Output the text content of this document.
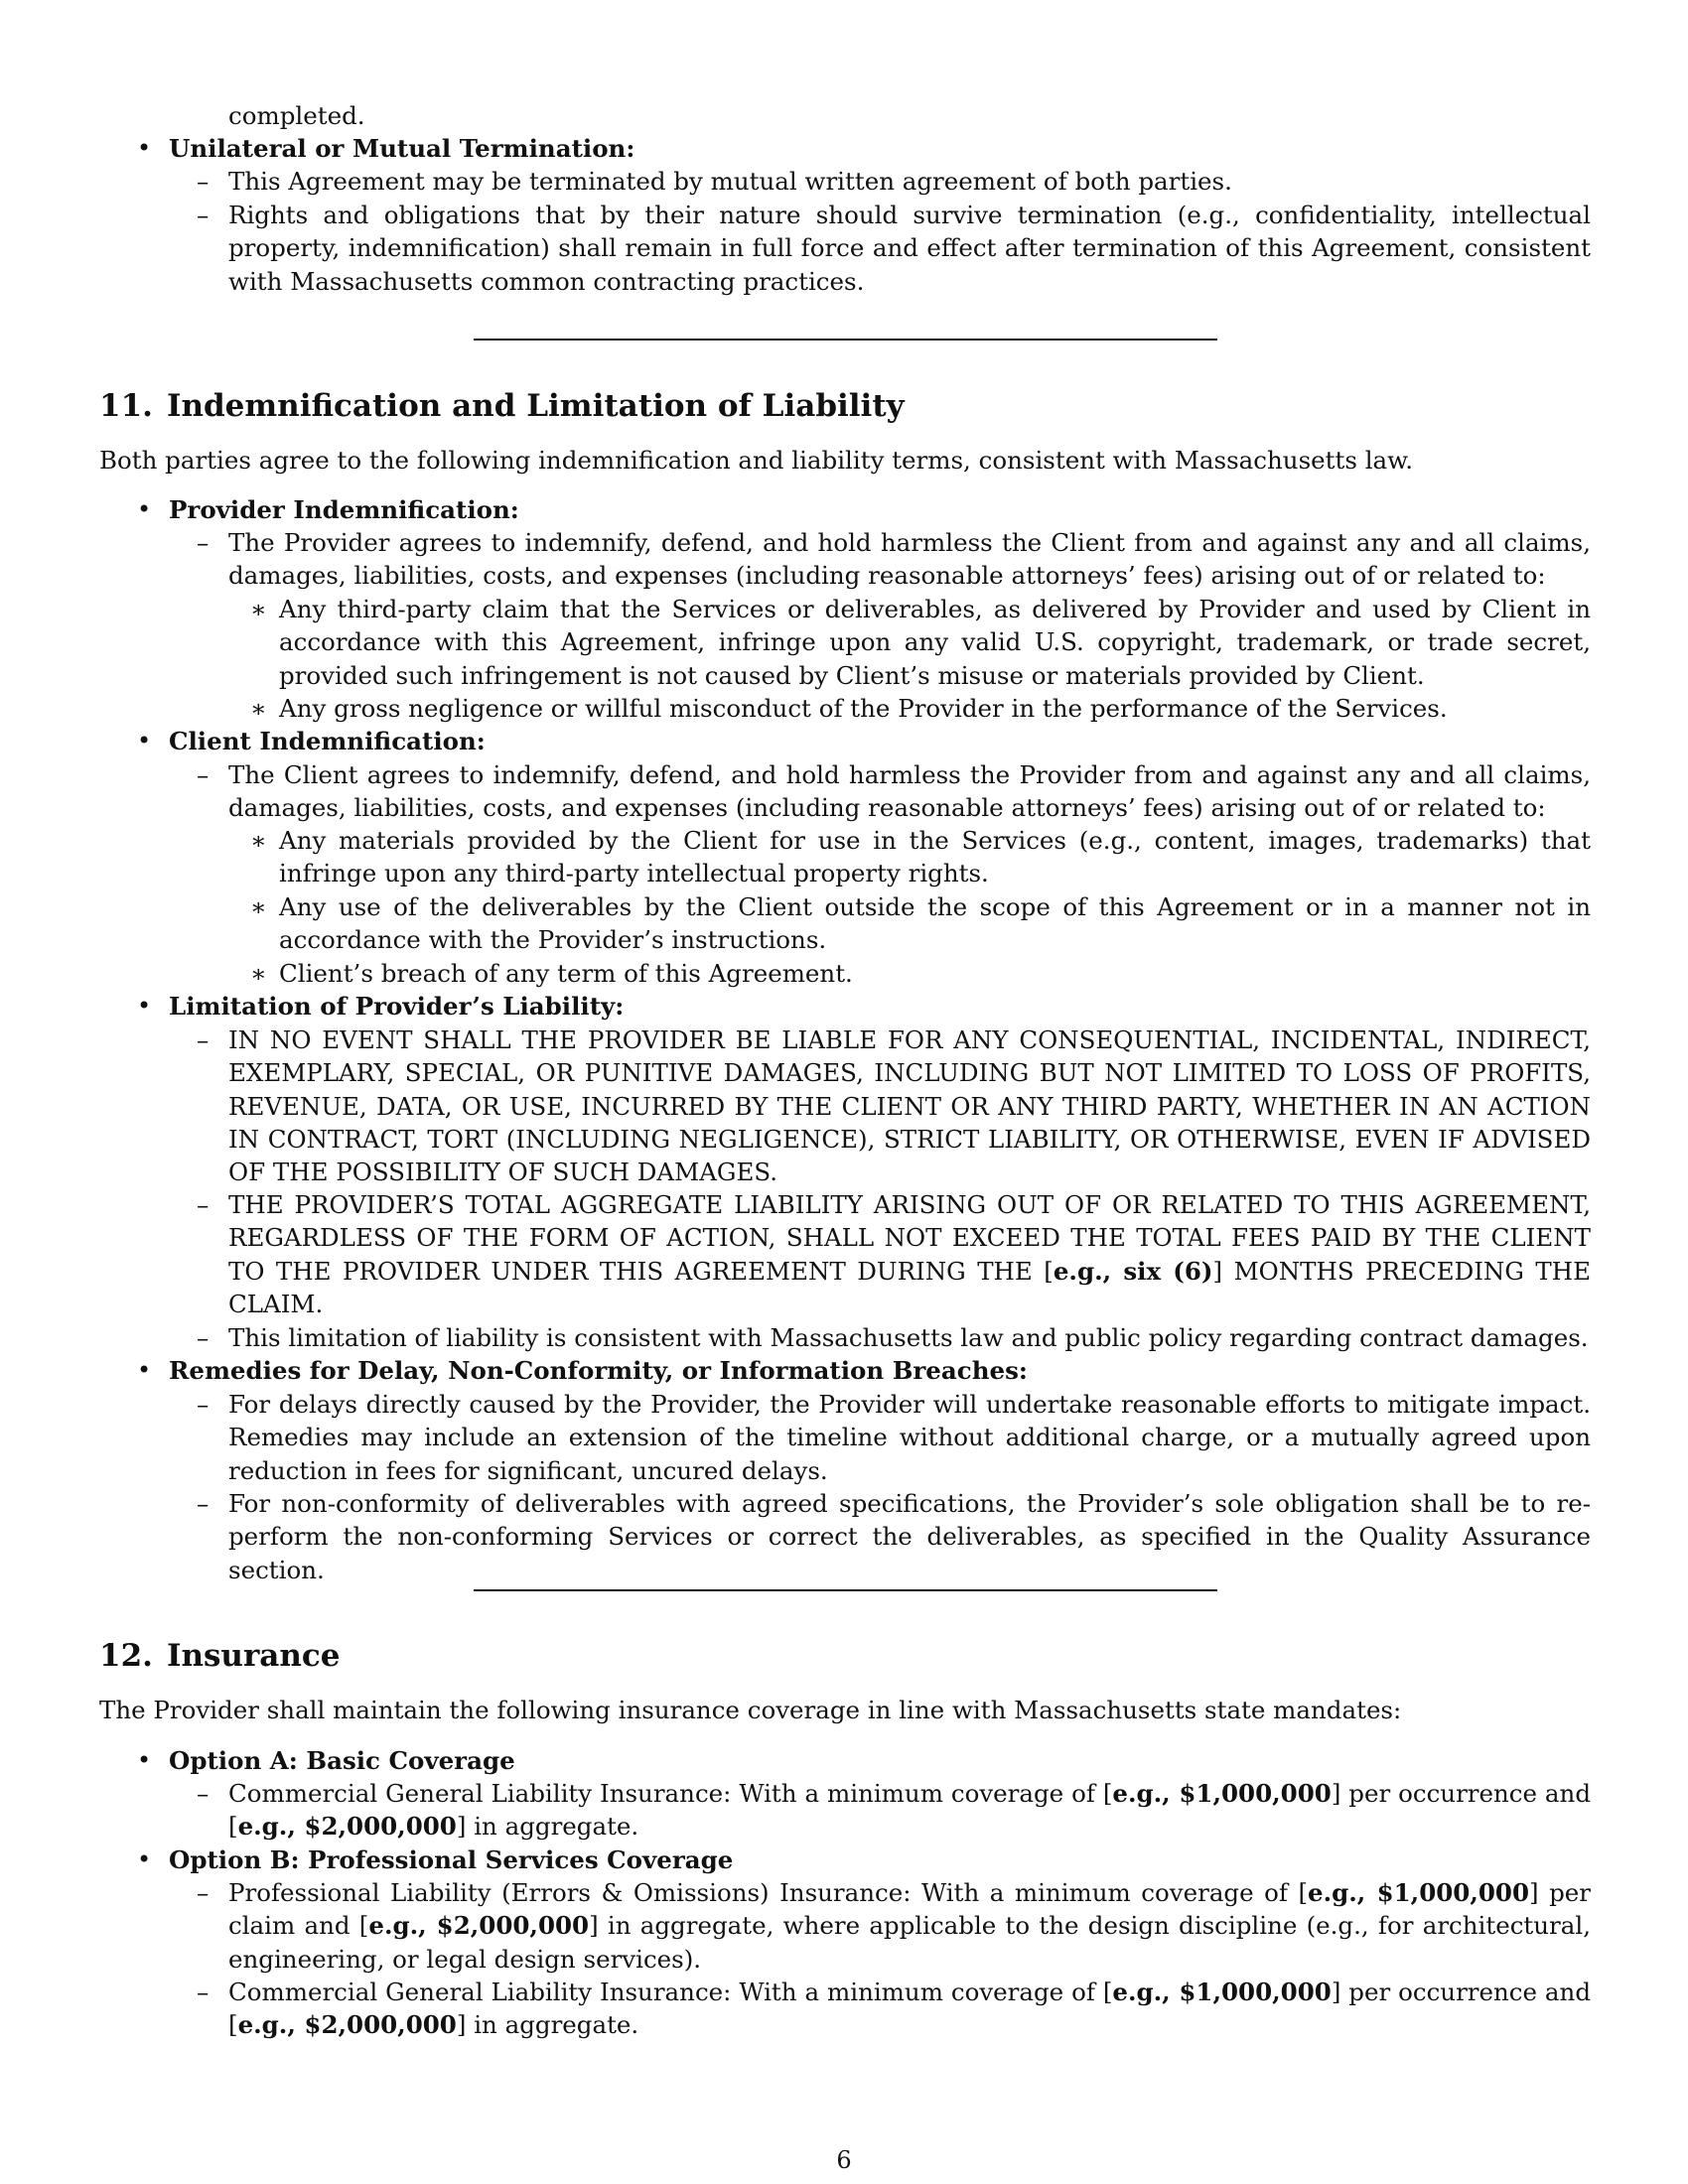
completed.
• Unilateral or Mutual Termination:
– This Agreement may be terminated by mutual written agreement of both parties.
– Rights and obligations that by their nature should survive termination (e.g., confidentiality, intellectual property, indemnification) shall remain in full force and effect after termination of this Agreement, consistent with Massachusetts common contracting practices.
11. Indemnification and Limitation of Liability
Both parties agree to the following indemnification and liability terms, consistent with Massachusetts law.
• Provider Indemnification:
– The Provider agrees to indemnify, defend, and hold harmless the Client from and against any and all claims, damages, liabilities, costs, and expenses (including reasonable attorneys’ fees) arising out of or related to:
∗ Any third-party claim that the Services or deliverables, as delivered by Provider and used by Client in accordance with this Agreement, infringe upon any valid U.S. copyright, trademark, or trade secret, provided such infringement is not caused by Client’s misuse or materials provided by Client.
∗ Any gross negligence or willful misconduct of the Provider in the performance of the Services.
• Client Indemnification:
– The Client agrees to indemnify, defend, and hold harmless the Provider from and against any and all claims, damages, liabilities, costs, and expenses (including reasonable attorneys’ fees) arising out of or related to:
∗ Any materials provided by the Client for use in the Services (e.g., content, images, trademarks) that infringe upon any third-party intellectual property rights.
∗ Any use of the deliverables by the Client outside the scope of this Agreement or in a manner not in accordance with the Provider’s instructions.
∗ Client’s breach of any term of this Agreement.
• Limitation of Provider’s Liability:
– IN NO EVENT SHALL THE PROVIDER BE LIABLE FOR ANY CONSEQUENTIAL, INCIDENTAL, INDIRECT, EXEMPLARY, SPECIAL, OR PUNITIVE DAMAGES, INCLUDING BUT NOT LIMITED TO LOSS OF PROFITS, REVENUE, DATA, OR USE, INCURRED BY THE CLIENT OR ANY THIRD PARTY, WHETHER IN AN ACTION IN CONTRACT, TORT (INCLUDING NEGLIGENCE), STRICT LIABILITY, OR OTHERWISE, EVEN IF ADVISED OF THE POSSIBILITY OF SUCH DAMAGES.
– THE PROVIDER’S TOTAL AGGREGATE LIABILITY ARISING OUT OF OR RELATED TO THIS AGREEMENT, REGARDLESS OF THE FORM OF ACTION, SHALL NOT EXCEED THE TOTAL FEES PAID BY THE CLIENT TO THE PROVIDER UNDER THIS AGREEMENT DURING THE [e.g., six (6)] MONTHS PRECEDING THE CLAIM.
– This limitation of liability is consistent with Massachusetts law and public policy regarding contract damages.
• Remedies for Delay, Non-Conformity, or Information Breaches:
– For delays directly caused by the Provider, the Provider will undertake reasonable efforts to mitigate impact. Remedies may include an extension of the timeline without additional charge, or a mutually agreed upon reduction in fees for significant, uncured delays.
– For non-conformity of deliverables with agreed specifications, the Provider’s sole obligation shall be to re-perform the non-conforming Services or correct the deliverables, as specified in the Quality Assurance section.
12. Insurance
The Provider shall maintain the following insurance coverage in line with Massachusetts state mandates:
• Option A: Basic Coverage
– Commercial General Liability Insurance: With a minimum coverage of [e.g., $1,000,000] per occurrence and [e.g., $2,000,000] in aggregate.
• Option B: Professional Services Coverage
– Professional Liability (Errors & Omissions) Insurance: With a minimum coverage of [e.g., $1,000,000] per claim and [e.g., $2,000,000] in aggregate, where applicable to the design discipline (e.g., for architectural, engineering, or legal design services).
– Commercial General Liability Insurance: With a minimum coverage of [e.g., $1,000,000] per occurrence and [e.g., $2,000,000] in aggregate.
6
